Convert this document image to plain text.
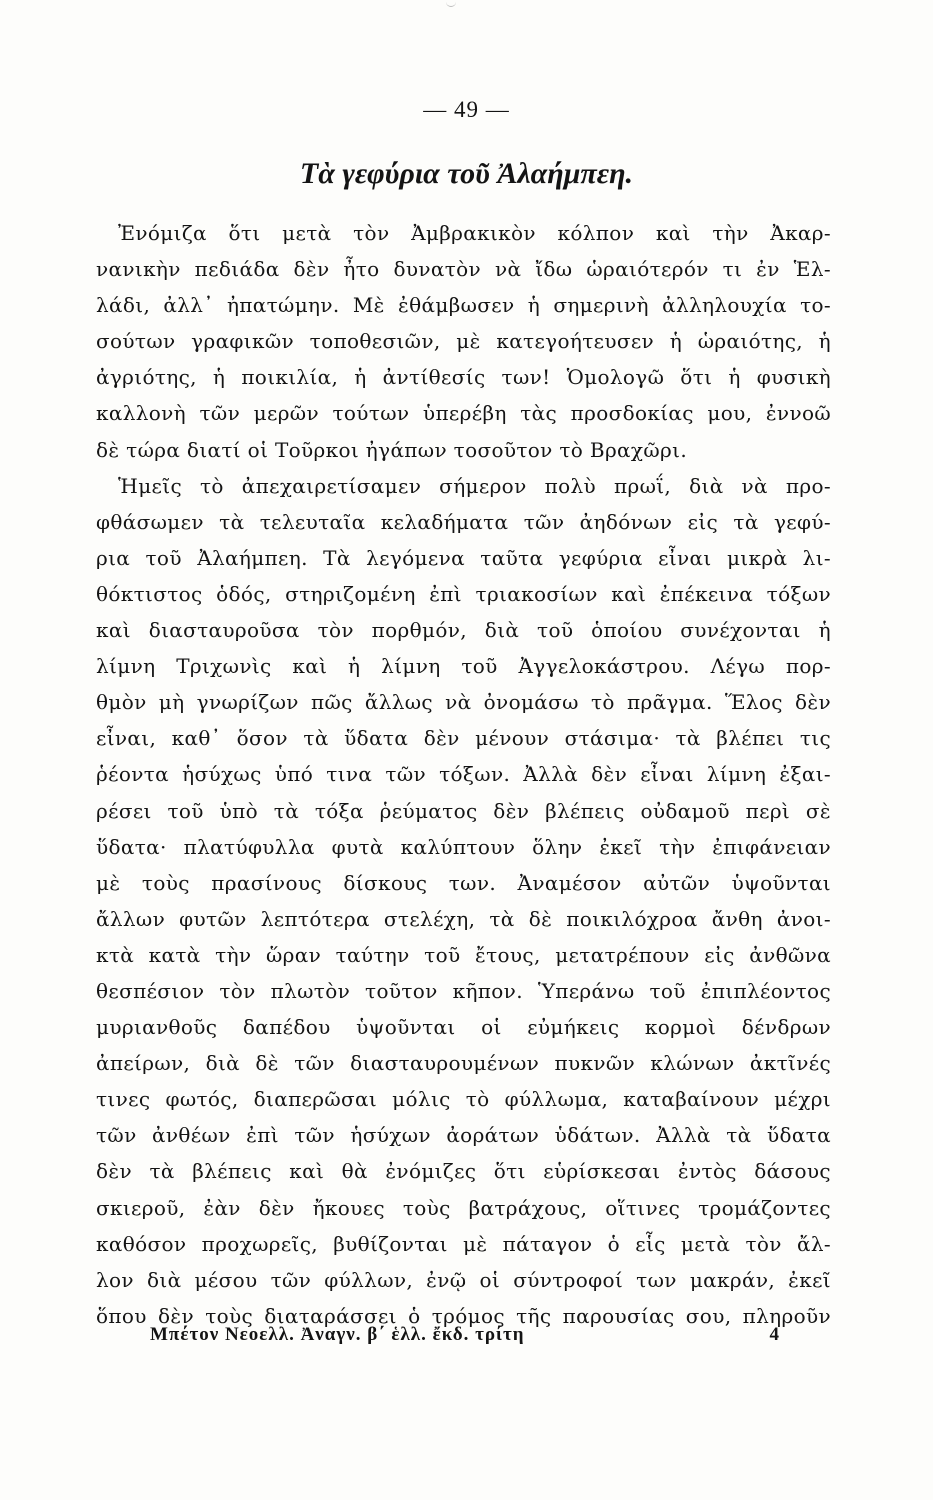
— 49 —
Τὰ γεφύρια τοῦ Ἀλαήμπεη.
Ἐνόμιζα ὅτι μετὰ τὸν Ἀμβρακικὸν κόλπον καὶ τὴν Ἀκαρ-
νανικὴν πεδιάδα δὲν ἦτο δυνατὸν νὰ ἴδω ὡραιότερόν τι ἐν Ἑλ-
λάδι, ἀλλ᾽ ἠπατώμην. Μὲ ἐθάμβωσεν ἡ σημερινὴ ἀλληλουχία το-
σούτων γραφικῶν τοποθεσιῶν, μὲ κατεγοήτευσεν ἡ ὡραιότης, ἡ
ἀγριότης, ἡ ποικιλία, ἡ ἀντίθεσίς των! Ὁμολογῶ ὅτι ἡ φυσικὴ
καλλονὴ τῶν μερῶν τούτων ὑπερέβη τὰς προσδοκίας μου, ἐννοῶ
δὲ τώρα διατί οἱ Τοῦρκοι ἠγάπων τοσοῦτον τὸ Βραχῶρι.
Ἡμεῖς τὸ ἀπεχαιρετίσαμεν σήμερον πολὺ πρωΐ, διὰ νὰ προ-
φθάσωμεν τὰ τελευταῖα κελαδήματα τῶν ἀηδόνων εἰς τὰ γεφύ-
ρια τοῦ Ἀλαήμπεη. Τὰ λεγόμενα ταῦτα γεφύρια εἶναι μικρὰ λι-
θόκτιστος ὁδός, στηριζομένη ἐπὶ τριακοσίων καὶ ἐπέκεινα τόξων
καὶ διασταυροῦσα τὸν πορθμόν, διὰ τοῦ ὁποίου συνέχονται ἡ
λίμνη Τριχωνὶς καὶ ἡ λίμνη τοῦ Ἀγγελοκάστρου. Λέγω πορ-
θμὸν μὴ γνωρίζων πῶς ἄλλως νὰ ὀνομάσω τὸ πρᾶγμα. Ἕλος δὲν
εἶναι, καθ᾽ ὅσον τὰ ὕδατα δὲν μένουν στάσιμα· τὰ βλέπει τις
ῥέοντα ἡσύχως ὑπό τινα τῶν τόξων. Ἀλλὰ δὲν εἶναι λίμνη ἐξαι-
ρέσει τοῦ ὑπὸ τὰ τόξα ῥεύματος δὲν βλέπεις οὐδαμοῦ περὶ σὲ
ὕδατα· πλατύφυλλα φυτὰ καλύπτουν ὅλην ἐκεῖ τὴν ἐπιφάνειαν
μὲ τοὺς πρασίνους δίσκους των. Ἀναμέσον αὐτῶν ὑψοῦνται
ἄλλων φυτῶν λεπτότερα στελέχη, τὰ δὲ ποικιλόχροα ἄνθη ἀνοι-
κτὰ κατὰ τὴν ὥραν ταύτην τοῦ ἔτους, μετατρέπουν εἰς ἀνθῶνα
θεσπέσιον τὸν πλωτὸν τοῦτον κῆπον. Ὑπεράνω τοῦ ἐπιπλέοντος
μυριανθοῦς δαπέδου ὑψοῦνται οἱ εὐμήκεις κορμοὶ δένδρων
ἀπείρων, διὰ δὲ τῶν διασταυρουμένων πυκνῶν κλώνων ἀκτῖνές
τινες φωτός, διαπερῶσαι μόλις τὸ φύλλωμα, καταβαίνουν μέχρι
τῶν ἀνθέων ἐπὶ τῶν ἡσύχων ἀοράτων ὑδάτων. Ἀλλὰ τὰ ὕδατα
δὲν τὰ βλέπεις καὶ θὰ ἐνόμιζες ὅτι εὑρίσκεσαι ἐντὸς δάσους
σκιεροῦ, ἐὰν δὲν ἤκουες τοὺς βατράχους, οἵτινες τρομάζοντες
καθόσον προχωρεῖς, βυθίζονται μὲ πάταγον ὁ εἷς μετὰ τὸν ἄλ-
λον διὰ μέσου τῶν φύλλων, ἐνῷ οἱ σύντροφοί των μακράν, ἐκεῖ
ὅπου δὲν τοὺς διαταράσσει ὁ τρόμος τῆς παρουσίας σου, πληροῦν
Μπέτον Νεοελλ. Ἀναγν. β΄ ἑλλ. ἔκδ. τρίτη	4
